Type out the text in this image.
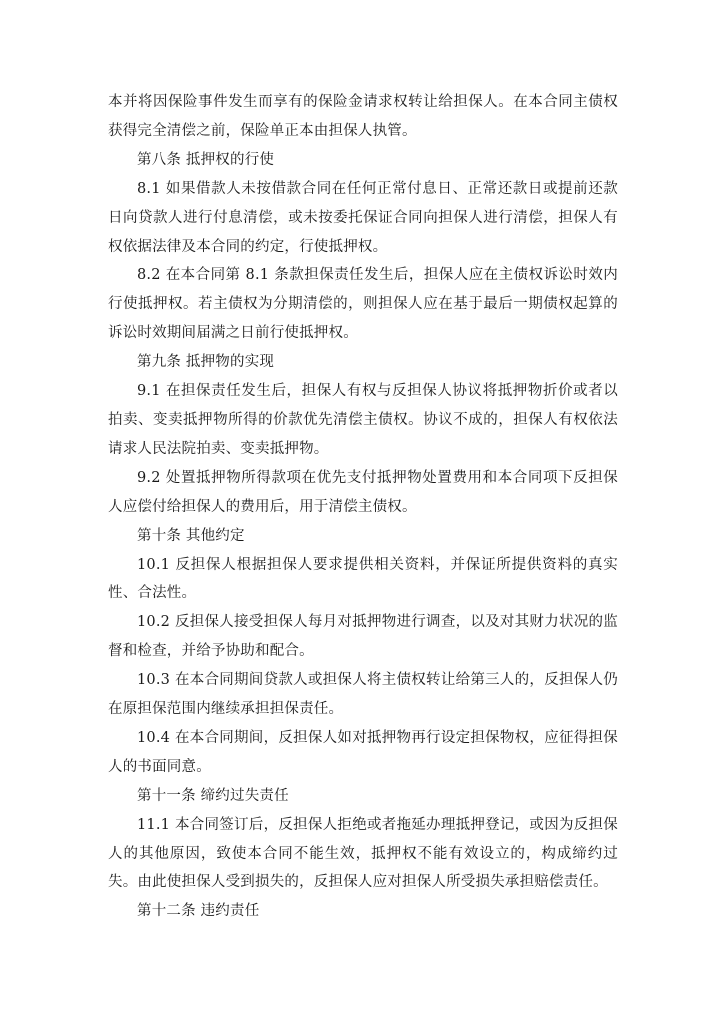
本并将因保险事件发生而享有的保险金请求权转让给担保人。在本合同主债权获得完全清偿之前，保险单正本由担保人执管。

第八条 抵押权的行使

8.1 如果借款人未按借款合同在任何正常付息日、正常还款日或提前还款日向贷款人进行付息清偿，或未按委托保证合同向担保人进行清偿，担保人有权依据法律及本合同的约定，行使抵押权。

8.2 在本合同第 8.1 条款担保责任发生后，担保人应在主债权诉讼时效内行使抵押权。若主债权为分期清偿的，则担保人应在基于最后一期债权起算的诉讼时效期间届满之日前行使抵押权。

第九条 抵押物的实现

9.1 在担保责任发生后，担保人有权与反担保人协议将抵押物折价或者以拍卖、变卖抵押物所得的价款优先清偿主债权。协议不成的，担保人有权依法请求人民法院拍卖、变卖抵押物。

9.2 处置抵押物所得款项在优先支付抵押物处置费用和本合同项下反担保人应偿付给担保人的费用后，用于清偿主债权。

第十条 其他约定

10.1 反担保人根据担保人要求提供相关资料，并保证所提供资料的真实性、合法性。

10.2 反担保人接受担保人每月对抵押物进行调查，以及对其财力状况的监督和检查，并给予协助和配合。

10.3 在本合同期间贷款人或担保人将主债权转让给第三人的，反担保人仍在原担保范围内继续承担担保责任。

10.4 在本合同期间，反担保人如对抵押物再行设定担保物权，应征得担保人的书面同意。

第十一条 缔约过失责任

11.1 本合同签订后，反担保人拒绝或者拖延办理抵押登记，或因为反担保人的其他原因，致使本合同不能生效，抵押权不能有效设立的，构成缔约过失。由此使担保人受到损失的，反担保人应对担保人所受损失承担赔偿责任。

第十二条 违约责任
